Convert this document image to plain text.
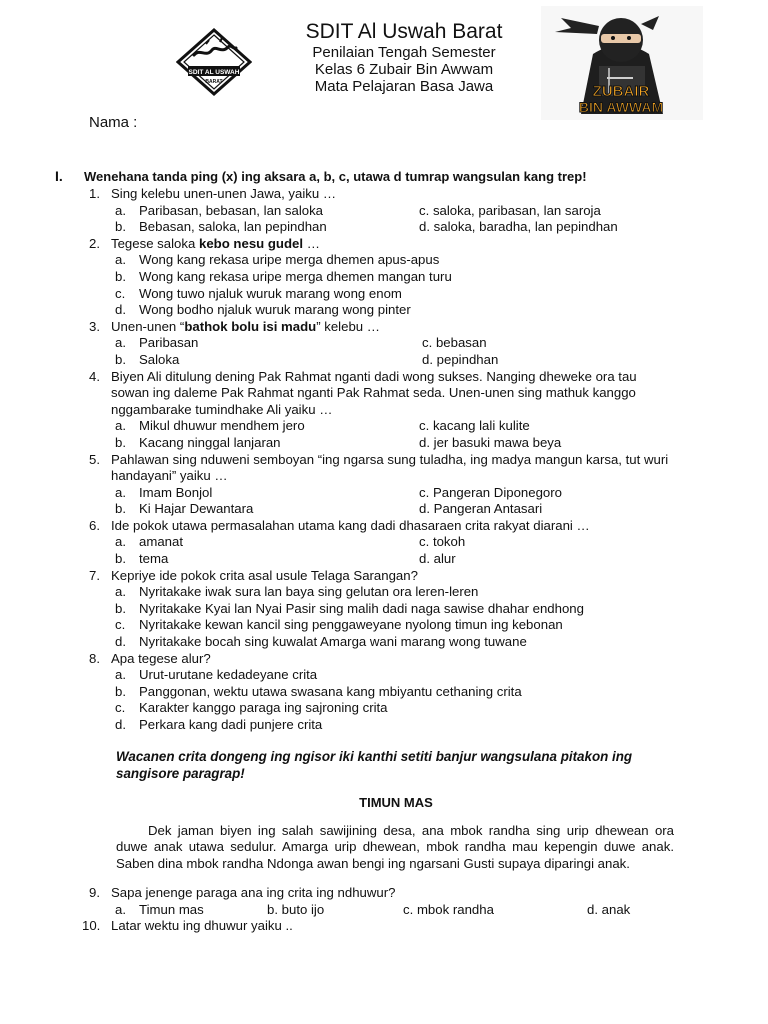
SDIT AL USWAH
BARAT
SDIT Al Uswah Barat
Penilaian Tengah Semester
Kelas 6 Zubair Bin Awwam
Mata Pelajaran Basa Jawa	ZUBAIR
BIN AWWAM
Nama :
I. Wenehana tanda ping (x) ing aksara a, b, c, utawa d tumrap wangsulan kang trep!
1. Sing kelebu unen-unen Jawa, yaiku …
a. Paribasan, bebasan, lan saloka	c. saloka, paribasan, lan saroja
b. Bebasan, saloka, lan pepindhan	d. saloka, baradha, lan pepindhan
2. Tegese saloka kebo nesu gudel …
a. Wong kang rekasa uripe merga dhemen apus-apus
b. Wong kang rekasa uripe merga dhemen mangan turu
c. Wong tuwo njaluk wuruk marang wong enom
d. Wong bodho njaluk wuruk marang wong pinter
3. Unen-unen “bathok bolu isi madu” kelebu …
a. Paribasan	c. bebasan
b. Saloka	d. pepindhan
4. Biyen Ali ditulung dening Pak Rahmat nganti dadi wong sukses. Nanging dheweke ora tau sowan ing daleme Pak Rahmat nganti Pak Rahmat seda. Unen-unen sing mathuk kanggo nggambarake tumindhake Ali yaiku …
a. Mikul dhuwur mendhem jero	c. kacang lali kulite
b. Kacang ninggal lanjaran	d. jer basuki mawa beya
5. Pahlawan sing nduweni semboyan “ing ngarsa sung tuladha, ing madya mangun karsa, tut wuri handayani” yaiku …
a. Imam Bonjol	c. Pangeran Diponegoro
b. Ki Hajar Dewantara	d. Pangeran Antasari
6. Ide pokok utawa permasalahan utama kang dadi dhasaraen crita rakyat diarani …
a. amanat	c. tokoh
b. tema	d. alur
7. Kepriye ide pokok crita asal usule Telaga Sarangan?
a. Nyritakake iwak sura lan baya sing gelutan ora leren-leren
b. Nyritakake Kyai lan Nyai Pasir sing malih dadi naga sawise dhahar endhong
c. Nyritakake kewan kancil sing penggaweyane nyolong timun ing kebonan
d. Nyritakake bocah sing kuwalat Amarga wani marang wong tuwane
8. Apa tegese alur?
a. Urut-urutane kedadeyane crita
b. Panggonan, wektu utawa swasana kang mbiyantu cethaning crita
c. Karakter kanggo paraga ing sajroning crita
d. Perkara kang dadi punjere crita
Wacanen crita dongeng ing ngisor iki kanthi setiti banjur wangsulana pitakon ing sangisore paragrap!
TIMUN MAS
Dek jaman biyen ing salah sawijining desa, ana mbok randha sing urip dhewean ora duwe anak utawa sedulur. Amarga urip dhewean, mbok randha mau kepengin duwe anak. Saben dina mbok randha Ndonga awan bengi ing ngarsani Gusti supaya diparingi anak.
9. Sapa jenenge paraga ana ing crita ing ndhuwur?
a. Timun mas	b. buto ijo	c. mbok randha	d. anak
10. Latar wektu ing dhuwur yaiku ..
